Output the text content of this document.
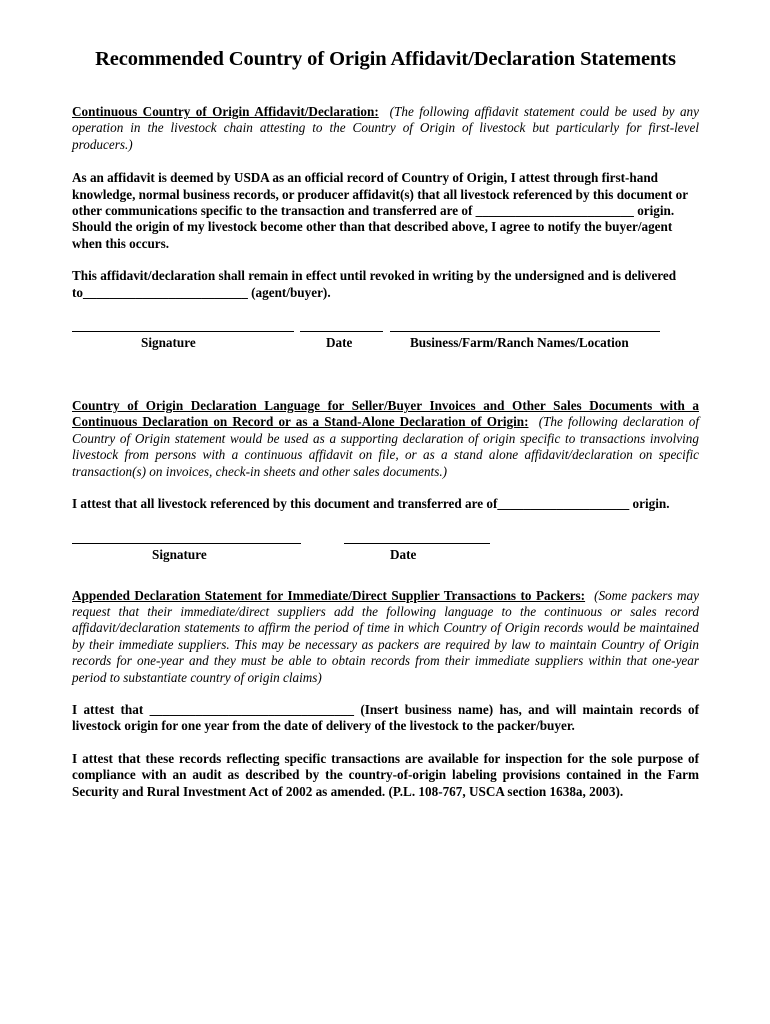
Recommended Country of Origin Affidavit/Declaration Statements

Continuous Country of Origin Affidavit/Declaration: (The following affidavit statement could be used by any operation in the livestock chain attesting to the Country of Origin of livestock but particularly for first-level producers.)

As an affidavit is deemed by USDA as an official record of Country of Origin, I attest through first-hand knowledge, normal business records, or producer affidavit(s) that all livestock referenced by this document or other communications specific to the transaction and transferred are of ________________________ origin. Should the origin of my livestock become other than that described above, I agree to notify the buyer/agent when this occurs.

This affidavit/declaration shall remain in effect until revoked in writing by the undersigned and is delivered to_________________________ (agent/buyer).

Signature	Date	Business/Farm/Ranch Names/Location

Country of Origin Declaration Language for Seller/Buyer Invoices and Other Sales Documents with a Continuous Declaration on Record or as a Stand-Alone Declaration of Origin: (The following declaration of Country of Origin statement would be used as a supporting declaration of origin specific to transactions involving livestock from persons with a continuous affidavit on file, or as a stand alone affidavit/declaration on specific transaction(s) on invoices, check-in sheets and other sales documents.)

I attest that all livestock referenced by this document and transferred are of____________________ origin.

Signature	Date

Appended Declaration Statement for Immediate/Direct Supplier Transactions to Packers: (Some packers may request that their immediate/direct suppliers add the following language to the continuous or sales record affidavit/declaration statements to affirm the period of time in which Country of Origin records would be maintained by their immediate suppliers. This may be necessary as packers are required by law to maintain Country of Origin records for one-year and they must be able to obtain records from their immediate suppliers within that one-year period to substantiate country of origin claims)

I attest that _______________________________ (Insert business name) has, and will maintain records of livestock origin for one year from the date of delivery of the livestock to the packer/buyer.

I attest that these records reflecting specific transactions are available for inspection for the sole purpose of compliance with an audit as described by the country-of-origin labeling provisions contained in the Farm Security and Rural Investment Act of 2002 as amended. (P.L. 108-767, USCA section 1638a, 2003).
